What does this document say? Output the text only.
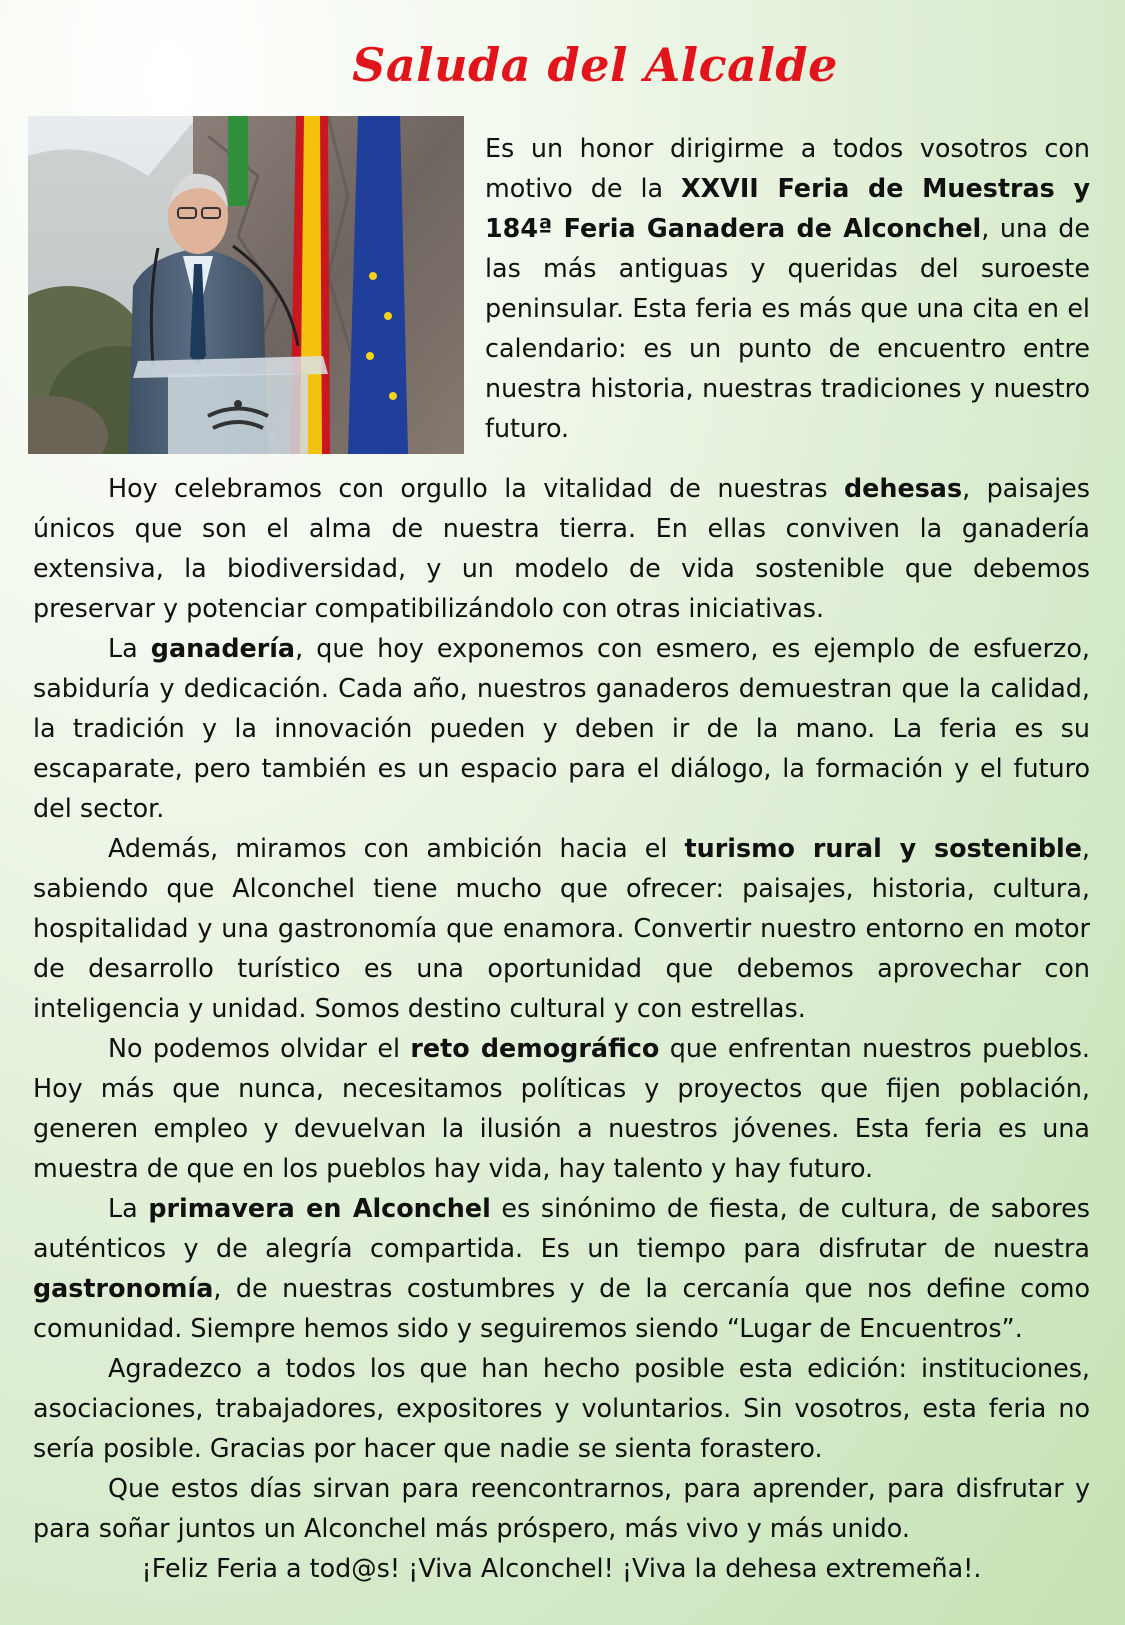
Saluda del Alcalde

Es un honor dirigirme a todos vosotros con motivo de la XXVII Feria de Muestras y 184ª Feria Ganadera de Alconchel, una de las más antiguas y queridas del suroeste peninsular. Esta feria es más que una cita en el calendario: es un punto de encuentro entre nuestra historia, nuestras tradiciones y nuestro futuro.

Hoy celebramos con orgullo la vitalidad de nuestras dehesas, paisajes únicos que son el alma de nuestra tierra. En ellas conviven la ganadería extensiva, la biodiversidad, y un modelo de vida sostenible que debemos preservar y potenciar compatibilizándolo con otras iniciativas.

La ganadería, que hoy exponemos con esmero, es ejemplo de esfuerzo, sabiduría y dedicación. Cada año, nuestros ganaderos demuestran que la calidad, la tradición y la innovación pueden y deben ir de la mano. La feria es su escaparate, pero también es un espacio para el diálogo, la formación y el futuro del sector.

Además, miramos con ambición hacia el turismo rural y sostenible, sabiendo que Alconchel tiene mucho que ofrecer: paisajes, historia, cultura, hospitalidad y una gastronomía que enamora. Convertir nuestro entorno en motor de desarrollo turístico es una oportunidad que debemos aprovechar con inteligencia y unidad. Somos destino cultural y con estrellas.

No podemos olvidar el reto demográfico que enfrentan nuestros pueblos. Hoy más que nunca, necesitamos políticas y proyectos que fijen población, generen empleo y devuelvan la ilusión a nuestros jóvenes. Esta feria es una muestra de que en los pueblos hay vida, hay talento y hay futuro.

La primavera en Alconchel es sinónimo de fiesta, de cultura, de sabores auténticos y de alegría compartida. Es un tiempo para disfrutar de nuestra gastronomía, de nuestras costumbres y de la cercanía que nos define como comunidad. Siempre hemos sido y seguiremos siendo “Lugar de Encuentros”.

Agradezco a todos los que han hecho posible esta edición: instituciones, asociaciones, trabajadores, expositores y voluntarios. Sin vosotros, esta feria no sería posible. Gracias por hacer que nadie se sienta forastero.

Que estos días sirvan para reencontrarnos, para aprender, para disfrutar y para soñar juntos un Alconchel más próspero, más vivo y más unido.

¡Feliz Feria a tod@s! ¡Viva Alconchel! ¡Viva la dehesa extremeña!.
